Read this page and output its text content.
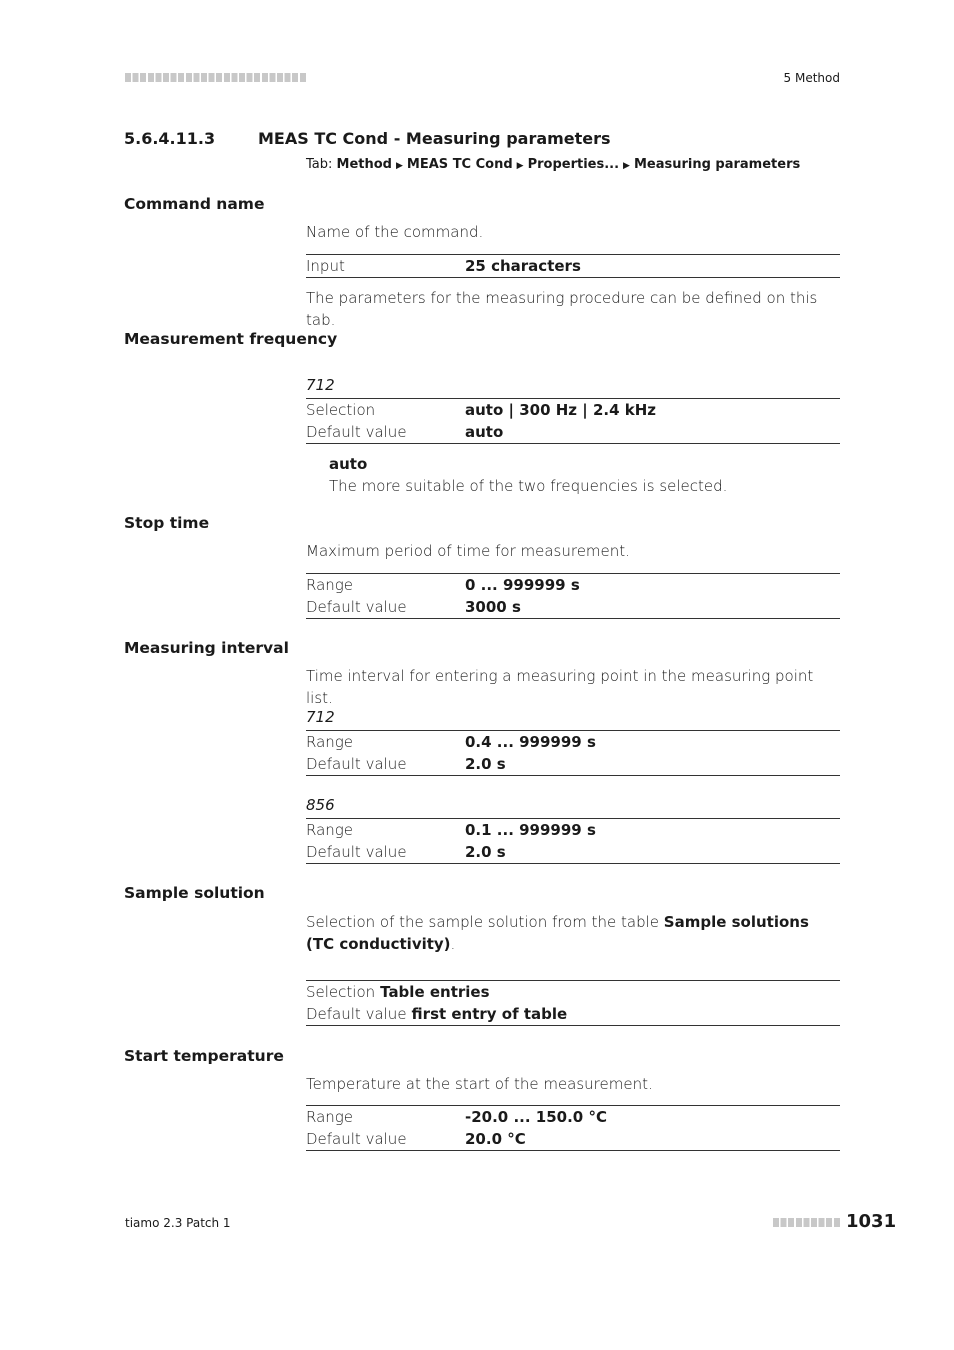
5 Method
5.6.4.11.3	MEAS TC Cond - Measuring parameters
Tab: Method ▶ MEAS TC Cond ▶ Properties... ▶ Measuring parameters
Command name
Name of the command.
Input	25 characters
The parameters for the measuring procedure can be defined on this tab.
Measurement frequency
712
Selection	auto | 300 Hz | 2.4 kHz
Default value	auto
auto
The more suitable of the two frequencies is selected.
Stop time
Maximum period of time for measurement.
Range	0 ... 999999 s
Default value	3000 s
Measuring interval
Time interval for entering a measuring point in the measuring point list.
712
Range	0.4 ... 999999 s
Default value	2.0 s
856
Range	0.1 ... 999999 s
Default value	2.0 s
Sample solution
Selection of the sample solution from the table Sample solutions (TC conductivity).
Selection Table entries
Default value first entry of table
Start temperature
Temperature at the start of the measurement.
Range	-20.0 ... 150.0 °C
Default value	20.0 °C
tiamo 2.3 Patch 1	1031
